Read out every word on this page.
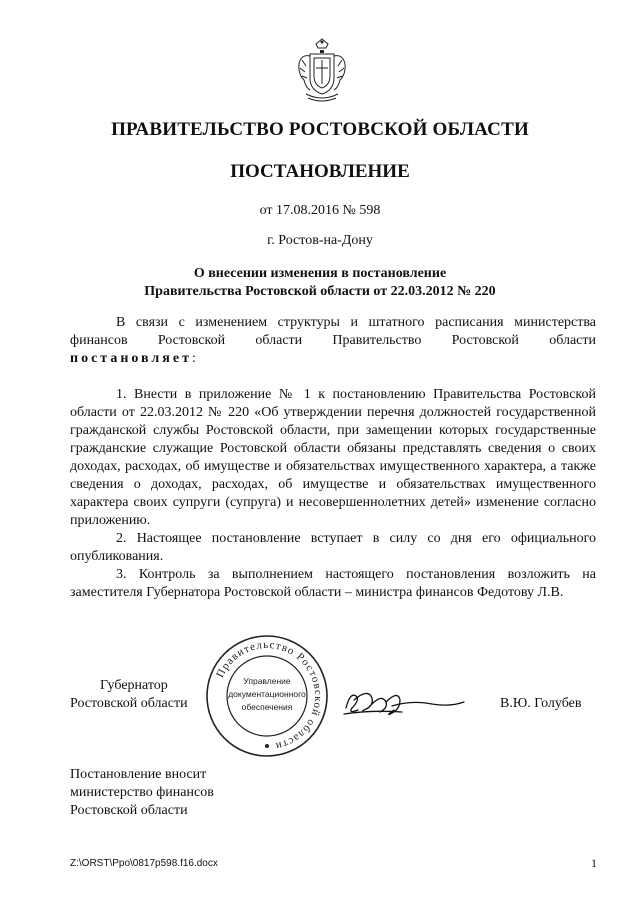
ПРАВИТЕЛЬСТВО РОСТОВСКОЙ ОБЛАСТИ
ПОСТАНОВЛЕНИЕ
от 17.08.2016 № 598
г. Ростов-на-Дону
О внесении изменения в постановление
Правительства Ростовской области от 22.03.2012 № 220

В связи с изменением структуры и штатного расписания министерства финансов Ростовской области Правительство Ростовской области

постановляет:

1. Внести в приложение № 1 к постановлению Правительства Ростовской области от 22.03.2012 № 220 «Об утверждении перечня должностей государственной гражданской службы Ростовской области, при замещении которых государственные гражданские служащие Ростовской области обязаны представлять сведения о своих доходах, расходах, об имуществе и обязательствах имущественного характера, а также сведения о доходах, расходах, об имуществе и обязательствах имущественного характера своих супруги (супруга) и несовершеннолетних детей» изменение согласно приложению.

2. Настоящее постановление вступает в силу со дня его официального опубликования.

3. Контроль за выполнением настоящего постановления возложить на заместителя Губернатора Ростовской области – министра финансов Федотову Л.В.

Губернатор
Ростовской области
Правительство Ростовской области
Управление
документационного
обеспечения	В.Ю. Голубев
Постановление вносит
министерство финансов
Ростовской области
Z:\ORST\Ppo\0817p598.f16.docx	1
